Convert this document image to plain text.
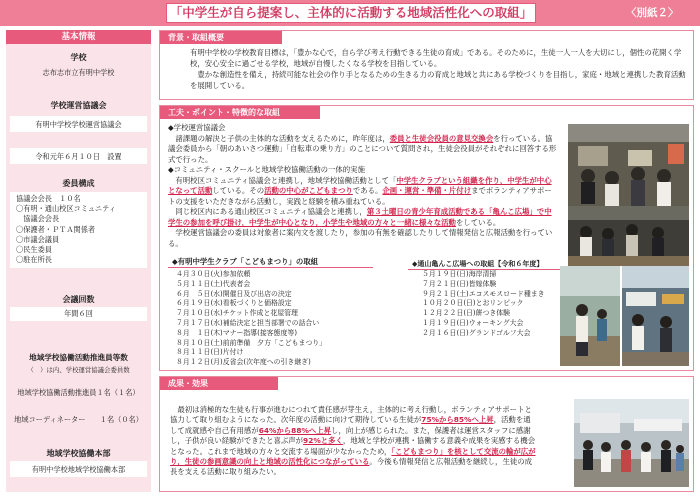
「中学生が自ら提案し、主体的に活動する地域活性化への取組」	〈別紙２〉
基本情報
学校
志布志市立有明中学校
学校運営協議会
有明中学校学校運営協議会
令和元年６月１０日　設置
委員構成
協議会会長　１０名
〇有明・通山校区コミュニティ
　協議会会長
〇保護者・ＰＴＡ関係者
〇市議会議員
〇民生委員
〇駐在所長
会議回数
年間６回
地域学校協働活動推進員等数
（　）は内、学校運営協議会委員数
地域学校協働活動推進員１名（１名）
地域コーディネーター　　１名（０名）
地域学校協働本部
有明中学校地域学校協働本部
背景・取組概要
有明中学校の学校教育目標は，「豊かな心で，自ら学び考え行動できる生徒の育成」である。そのために，生徒一人一人を大切にし，個性の花開く学校，安心安全に過ごせる学校，地域が自慢したくなる学校を目指している。
豊かな創造性を備え，持続可能な社会の作り手となるための生きる力の育成と地域と共にある学校づくりを目指し，家庭・地域と連携した教育活動を展開している。
工夫・ポイント・特徴的な取組
◆学校運営協議会
　諸課題の解決と子供の主体的な活動を支えるために，昨年度は，委員と生徒会役員の意見交換会を行っている。協議会委員から「朝のあいさつ運動」「自転車の乗り方」のことについて質問され，生徒会役員がそれぞれに回答する形式で行った。
◆コミュニティ・スクールと地域学校協働活動の一体的実施
　有明校区コミュニティ協議会と連携し，地域学校協働活動として「中学生クラブという組織を作り，中学生が中心となって活動している。その活動の中心がこどもまつりである。企画・運営・準備・片付けまでボランティアサポートの支援をいただきながら活動し，実践と経験を積み重ねている。
　同じ校区内にある通山校区コミュニティ協議会と連携し，第３土曜日の青少年育成活動である「亀んこ広場」で中学生の参加を呼び掛け，中学生が中心となり，小学生や地域の方々と一緒に様々な活動をしている。
　学校運営協議会の委員は対象者に案内文を渡したり，参加の有無を確認したりして情報発信と広報活動を行っている。
◆有明中学生クラブ「こどもまつり」の取組
４月３０日(火)参加依頼
５月１１日(土)代表者会
６月　５日(水)開催日及び出店の決定
６月１９日(水)看板づくりと価格設定
７月１０日(水)チケット作成と花屋管理
７月１７日(水)補給決定と担当部署での話合い
８月　１日(木)マナー指導(接客態度等)
８月１０日(土)前前準備　夕方「こどもまつり」
８月１１日(日)片付け
８月１２日(月)反省会(次年度への引き継ぎ)
◆通山亀んこ広場への取組【令和６年度】
５月１９日(日)海岸清掃
７月２１日(日)皆嫁体験
９月２１日(土)エコスモスロード種まき
１０月２０日(日)とおリンピック
１２月２２日(日)餅つき体験
１月１９日(日)ウォーキング大会
２月１６日(日)グランドゴルフ大会
成果・効果
　最初は消極的な生徒も行事が進むにつれて責任感が芽生え，主体的に考え行動し，ボランティアサポートと協力して取り組むようになった。次年度の活動に向けて期待している生徒が75%から85%へ上昇，活動を通して成就感や自己有用感が64%から88%へ上昇し，向上が感じられた。また，保護者は運営スタッフに感謝し，子供が良い経験ができたと喜ぶ声が92%と多く，地域と学校が連携・協働する意義や成果を実感する機会となった。これまで地域の方々と交流する場面が少なかったため，「こどもまつり」を核として交流の輪が広がり，生徒の参画意識の向上と地域の活性化につながっている。今後も情報発信と広報活動を継続し，生徒の成長を支える活動に取り組みたい。
